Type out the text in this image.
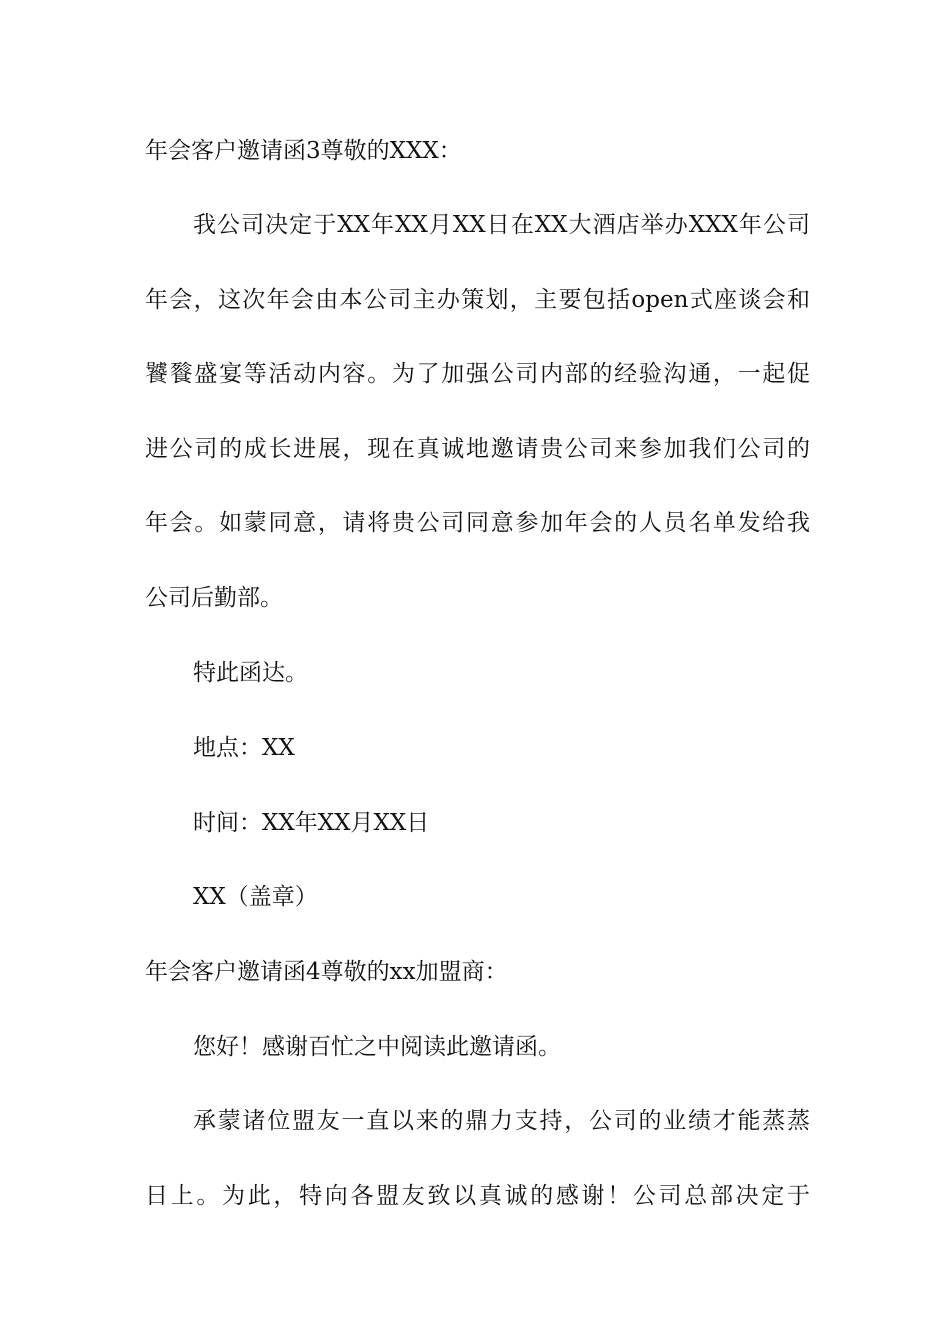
年会客户邀请函3尊敬的XXX：
我公司决定于XX年XX月XX日在XX大酒店举办XXX年公司
年会，这次年会由本公司主办策划，主要包括open式座谈会和
饕餮盛宴等活动内容。为了加强公司内部的经验沟通，一起促
进公司的成长进展，现在真诚地邀请贵公司来参加我们公司的
年会。如蒙同意，请将贵公司同意参加年会的人员名单发给我
公司后勤部。
特此函达。
地点：XX
时间：XX年XX月XX日
XX（盖章）
年会客户邀请函4尊敬的xx加盟商：
您好！感谢百忙之中阅读此邀请函。
承蒙诸位盟友一直以来的鼎力支持，公司的业绩才能蒸蒸
日上。为此，特向各盟友致以真诚的感谢！公司总部决定于
